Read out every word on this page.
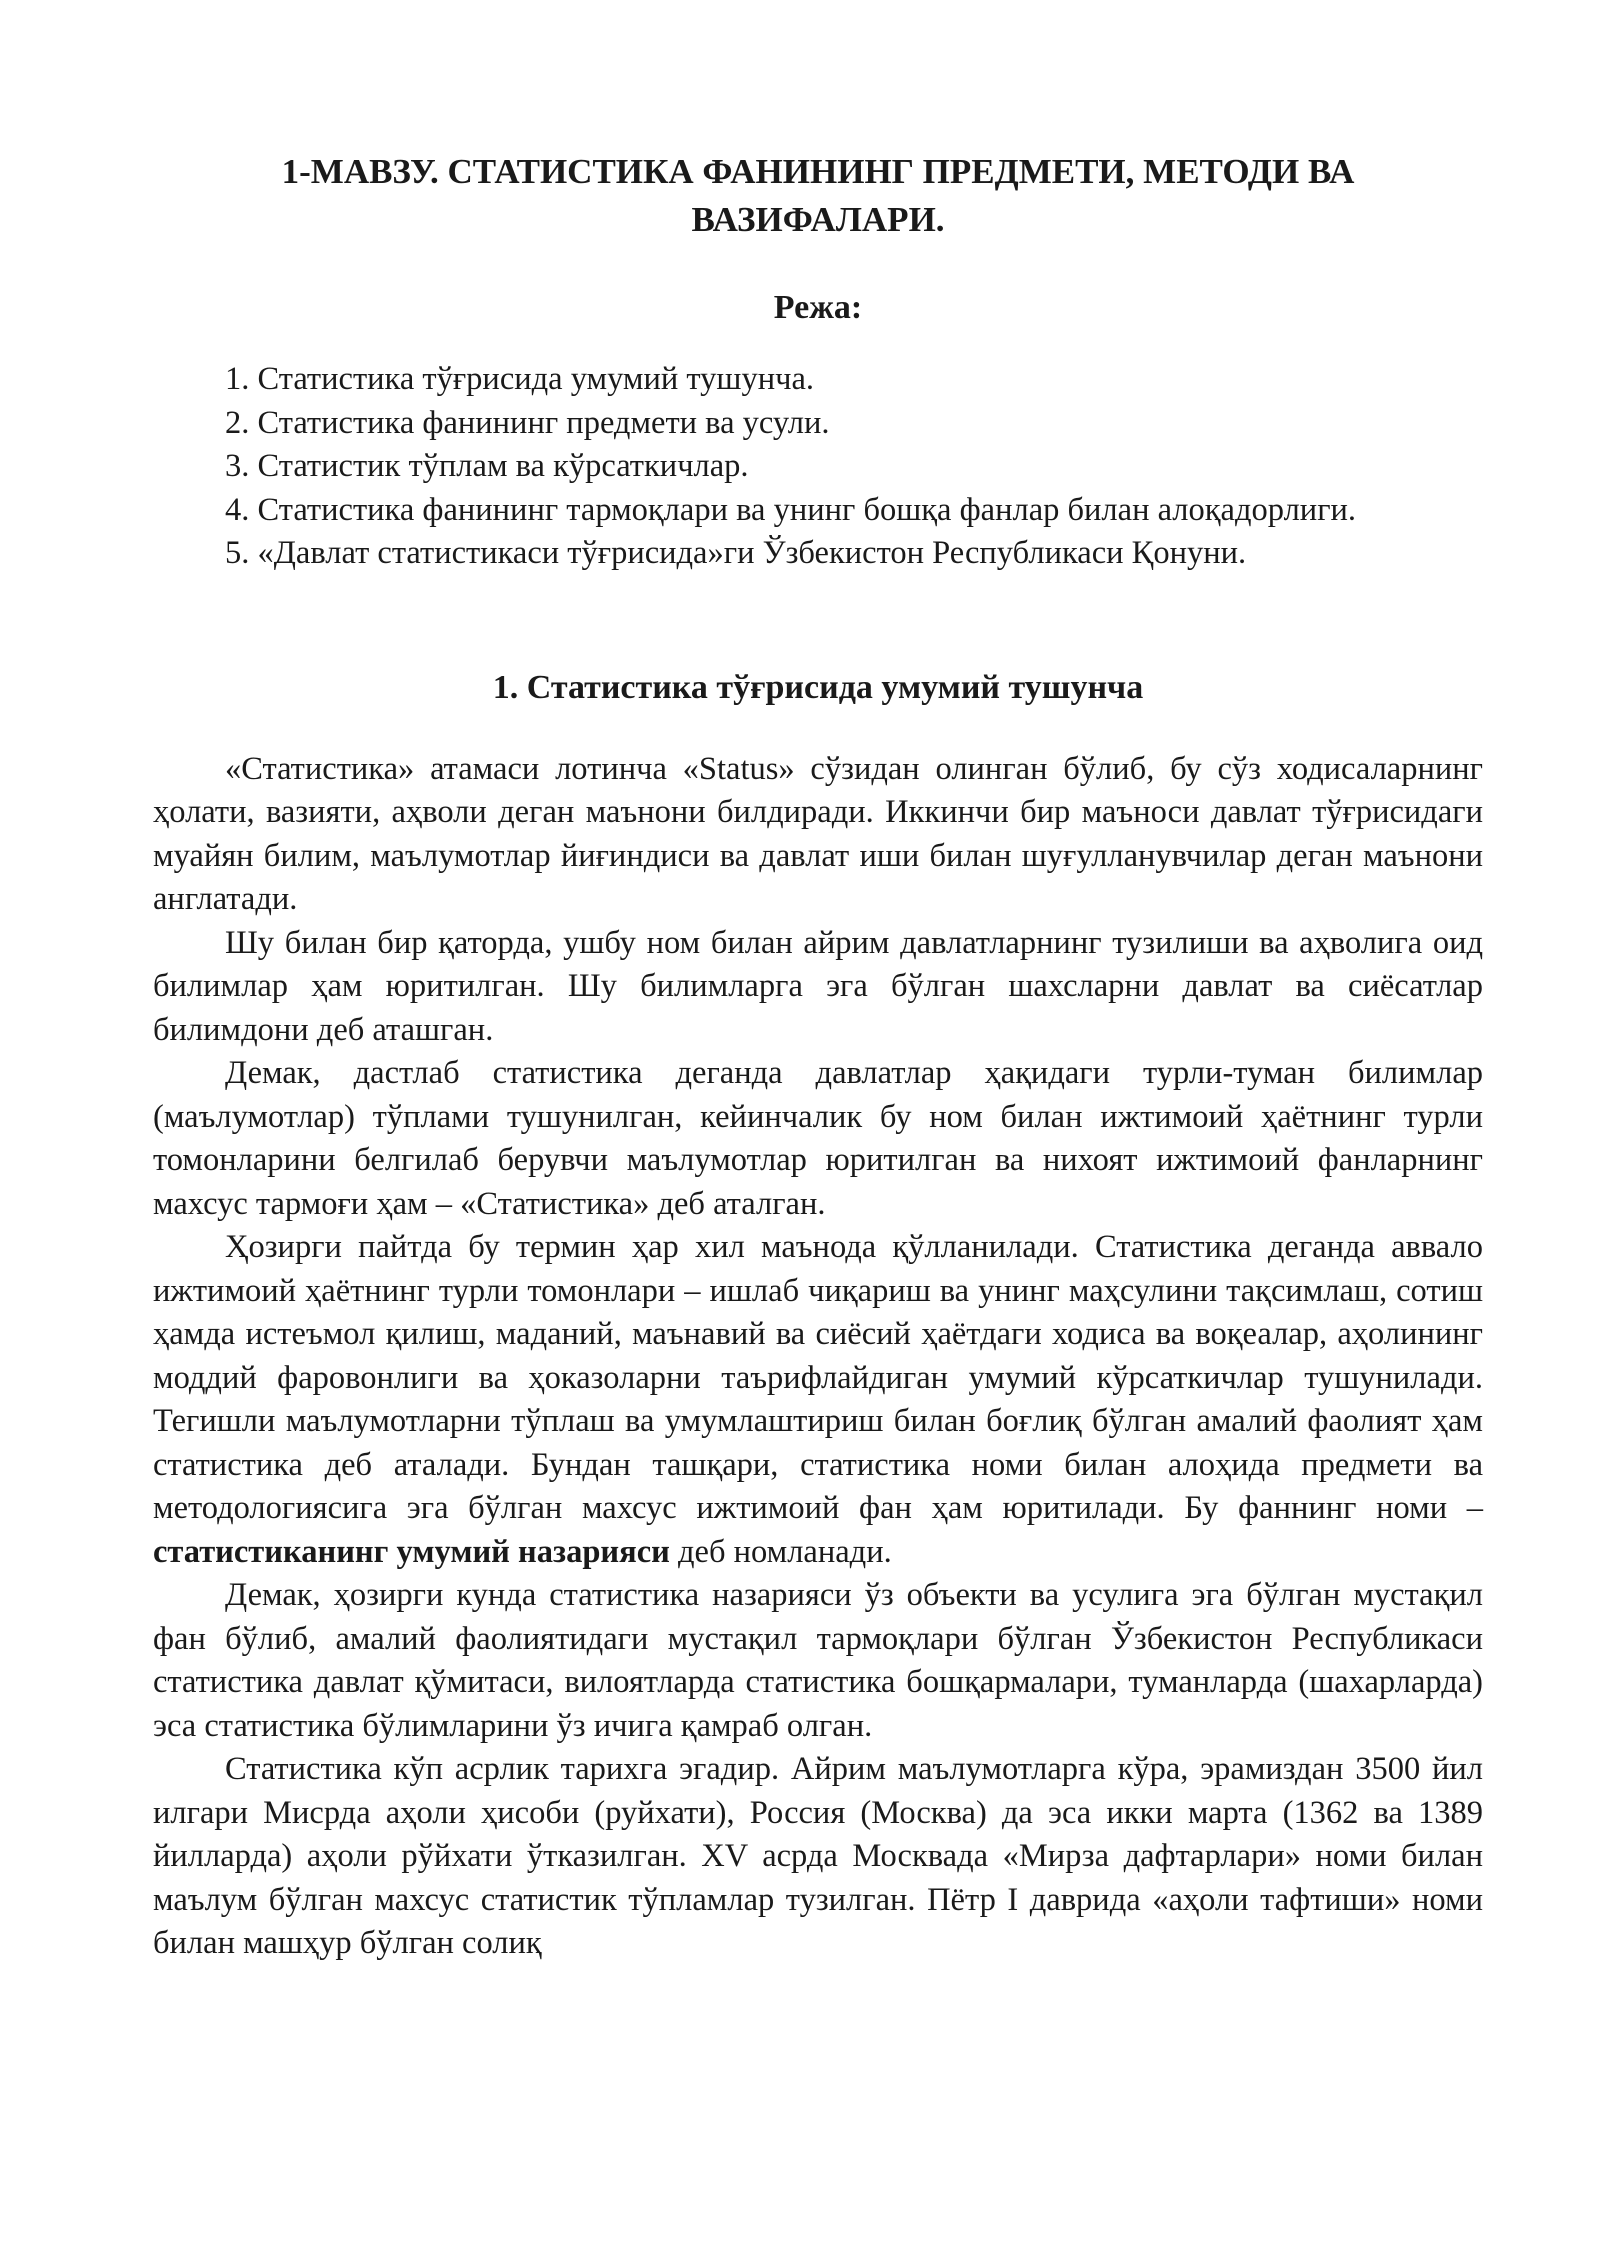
1-МАВЗУ. СТАТИСТИКА ФАНИНИНГ ПРЕДМЕТИ, МЕТОДИ ВА ВАЗИФАЛАРИ.
Режа:
1. Статистика тўғрисида умумий тушунча.
2. Статистика фанининг предмети ва усули.
3. Статистик тўплам ва кўрсаткичлар.
4. Статистика фанининг тармоқлари ва унинг бошқа фанлар билан алоқадорлиги.
5. «Давлат статистикаси тўғрисида»ги Ўзбекистон Республикаси Қонуни.
1. Статистика тўғрисида умумий тушунча

«Статистика» атамаси лотинча «Status» сўзидан олинган бўлиб, бу сўз ходисаларнинг ҳолати, вазияти, аҳволи деган маънони билдиради. Иккинчи бир маъноси давлат тўғрисидаги муайян билим, маълумотлар йиғиндиси ва давлат иши билан шуғулланувчилар деган маънони англатади.

Шу билан бир қаторда, ушбу ном билан айрим давлатларнинг тузилиши ва аҳволига оид билимлар ҳам юритилган. Шу билимларга эга бўлган шахсларни давлат ва сиёсатлар билимдони деб аташган.

Демак, дастлаб статистика деганда давлатлар ҳақидаги турли-туман билимлар (маълумотлар) тўплами тушунилган, кейинчалик бу ном билан ижтимоий ҳаётнинг турли томонларини белгилаб берувчи маълумотлар юритилган ва нихоят ижтимоий фанларнинг махсус тармоғи ҳам – «Статистика» деб аталган.

Ҳозирги пайтда бу термин ҳар хил маънода қўлланилади. Статистика деганда аввало ижтимоий ҳаётнинг турли томонлари – ишлаб чиқариш ва унинг маҳсулини тақсимлаш, сотиш ҳамда истеъмол қилиш, маданий, маънавий ва сиёсий ҳаётдаги ходиса ва воқеалар, аҳолининг моддий фаровонлиги ва ҳоказоларни таърифлайдиган умумий кўрсаткичлар тушунилади. Тегишли маълумотларни тўплаш ва умумлаштириш билан боғлиқ бўлган амалий фаолият ҳам статистика деб аталади. Бундан ташқари, статистика номи билан алоҳида предмети ва методологиясига эга бўлган махсус ижтимоий фан ҳам юритилади. Бу фаннинг номи – статистиканинг умумий назарияси деб номланади.

Демак, ҳозирги кунда статистика назарияси ўз объекти ва усулига эга бўлган мустақил фан бўлиб, амалий фаолиятидаги мустақил тармоқлари бўлган Ўзбекистон Республикаси статистика давлат қўмитаси, вилоятларда статистика бошқармалари, туманларда (шахарларда) эса статистика бўлимларини ўз ичига қамраб олган.

Статистика кўп асрлик тарихга эгадир. Айрим маълумотларга кўра, эрамиздан 3500 йил илгари Мисрда аҳоли ҳисоби (руйхати), Россия (Москва) да эса икки марта (1362 ва 1389 йилларда) аҳоли рўйхати ўтказилган. XV асрда Москвада «Мирза дафтарлари» номи билан маълум бўлган махсус статистик тўпламлар тузилган. Пётр I даврида «аҳоли тафтиши» номи билан машҳур бўлган солиқ
